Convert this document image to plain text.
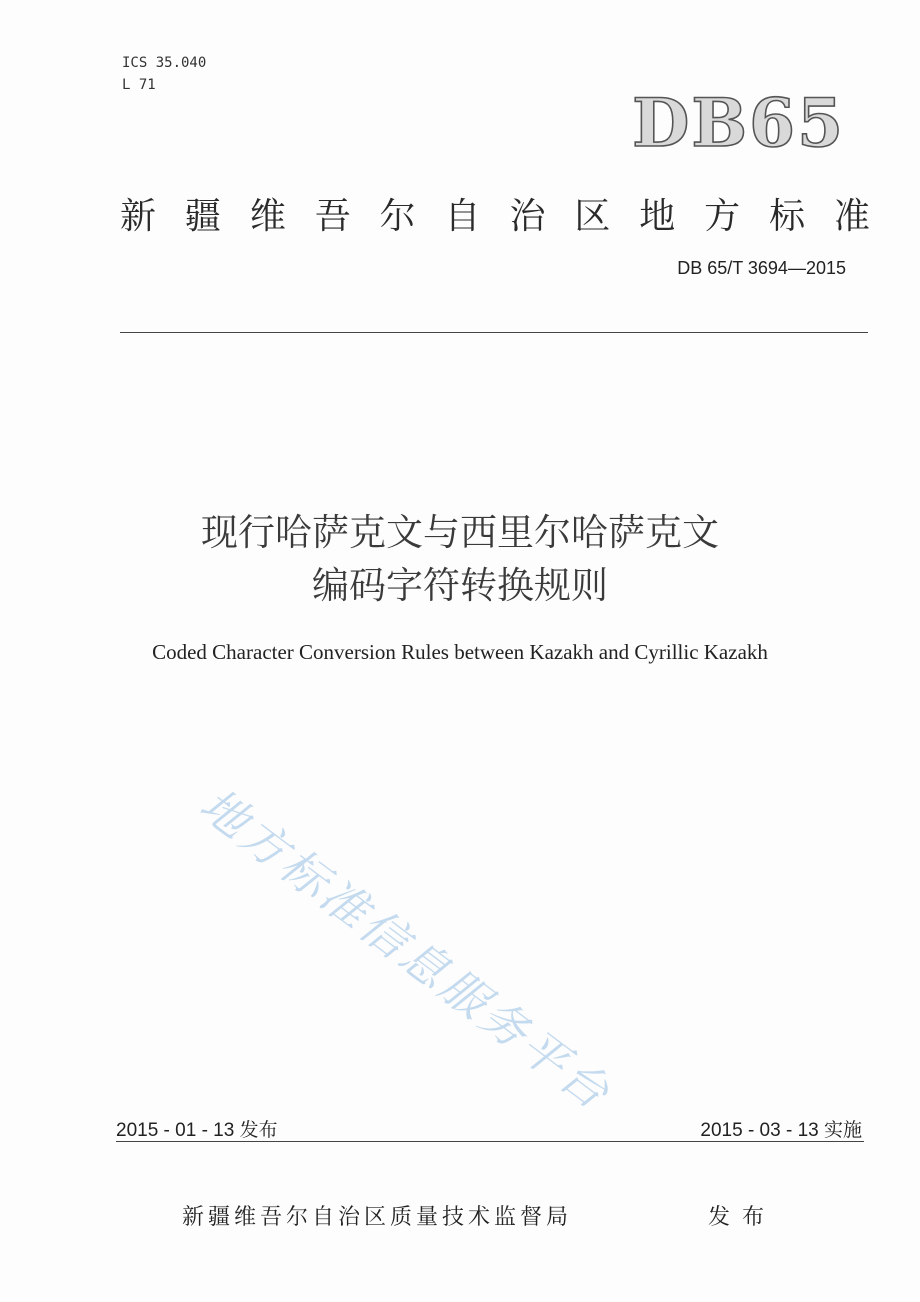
ICS 35.040
L 71	DB65
新 疆 维 吾 尔 自 治 区 地 方 标 准
DB 65/T 3694—2015
现行哈萨克文与西里尔哈萨克文
编码字符转换规则
Coded Character Conversion Rules between Kazakh and Cyrillic Kazakh
地方标准信息服务平台
2015 - 01 - 13 发布	2015 - 03 - 13 实施
新疆维吾尔自治区质量技术监督局	发布
